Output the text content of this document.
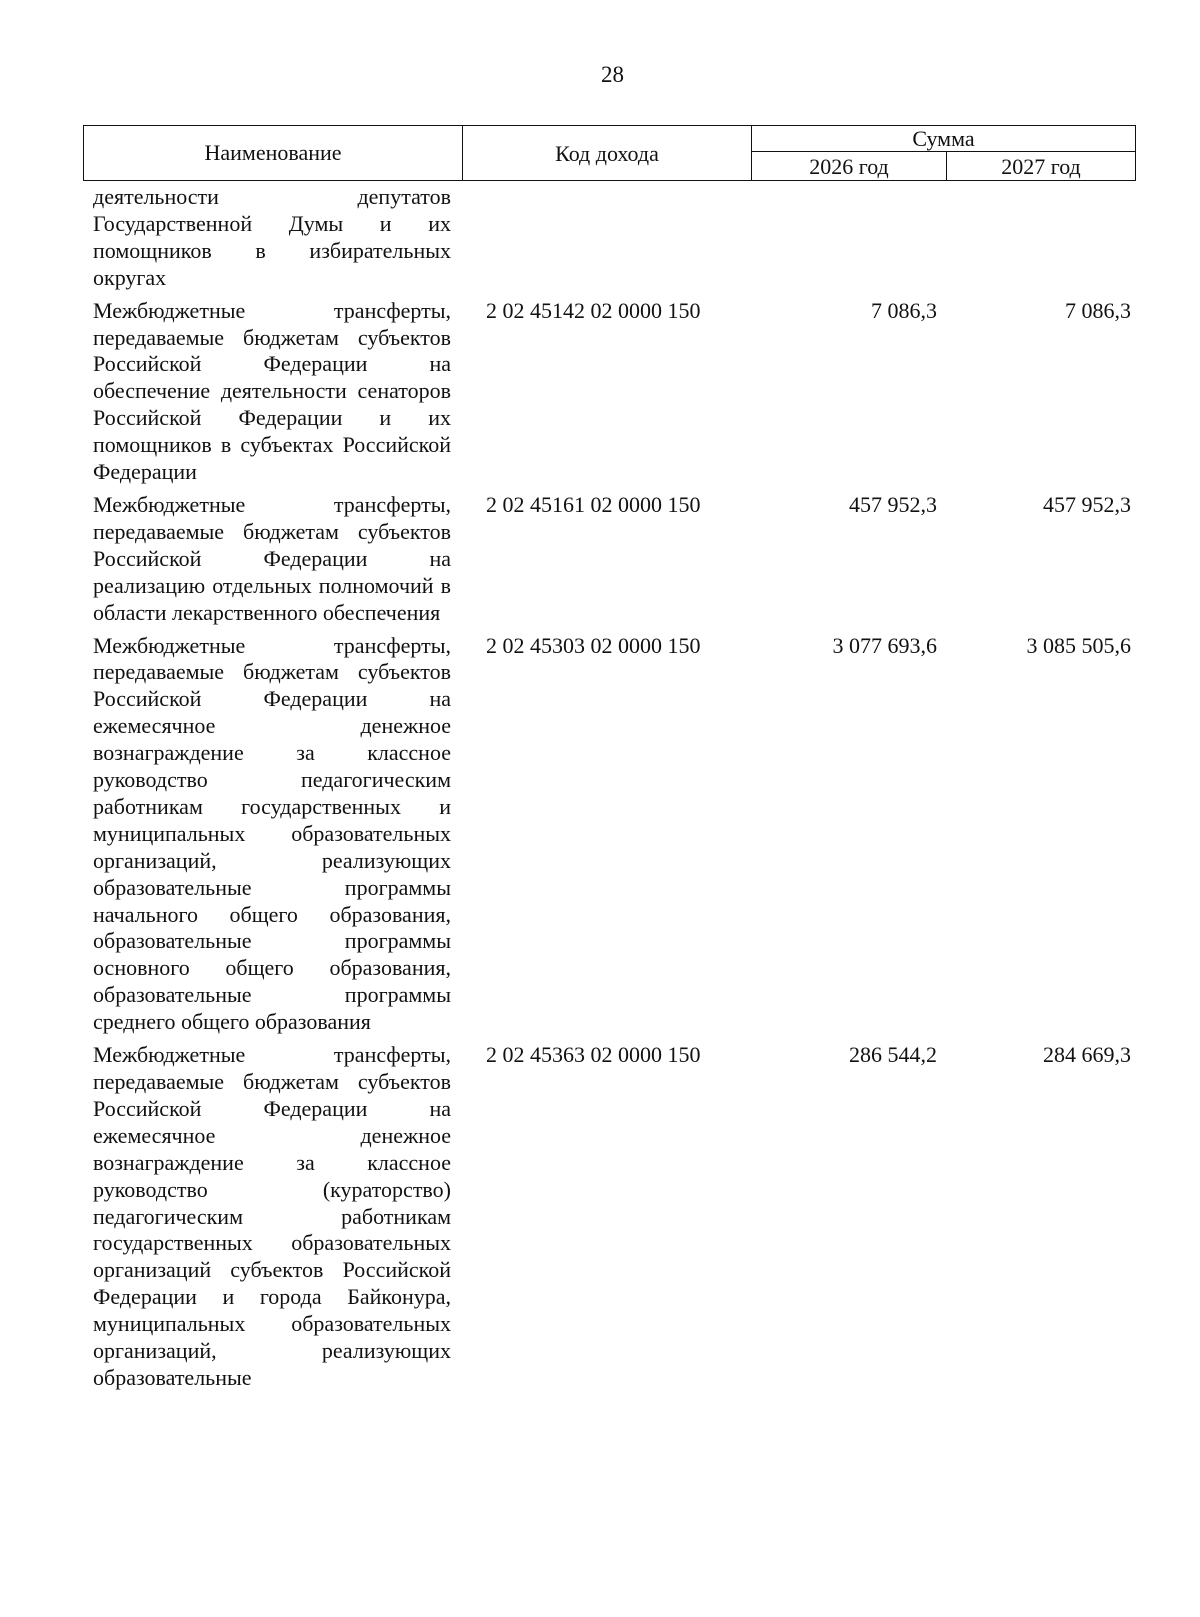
28
Наименование	Код дохода
Сумма
2026 год	2027 год
деятельности депутатов Государственной Думы и их помощников в избирательных округах
Межбюджетные трансферты, передаваемые бюджетам субъектов Российской Федерации на обеспечение деятельности сенаторов Российской Федерации и их помощников в субъектах Российской Федерации
2 02 45142 02 0000 150	7 086,3	7 086,3
Межбюджетные трансферты, передаваемые бюджетам субъектов Российской Федерации на реализацию отдельных полномочий в области лекарственного обеспечения
2 02 45161 02 0000 150	457 952,3	457 952,3
Межбюджетные трансферты, передаваемые бюджетам субъектов Российской Федерации на ежемесячное денежное вознаграждение за классное руководство педагогическим работникам государственных и муниципальных образовательных организаций, реализующих образовательные программы начального общего образования, образовательные программы основного общего образования, образовательные программы среднего общего образования
2 02 45303 02 0000 150	3 077 693,6	3 085 505,6
Межбюджетные трансферты, передаваемые бюджетам субъектов Российской Федерации на ежемесячное денежное вознаграждение за классное руководство (кураторство) педагогическим работникам государственных образовательных организаций субъектов Российской Федерации и города Байконура, муниципальных образовательных организаций, реализующих образовательные
2 02 45363 02 0000 150	286 544,2	284 669,3
